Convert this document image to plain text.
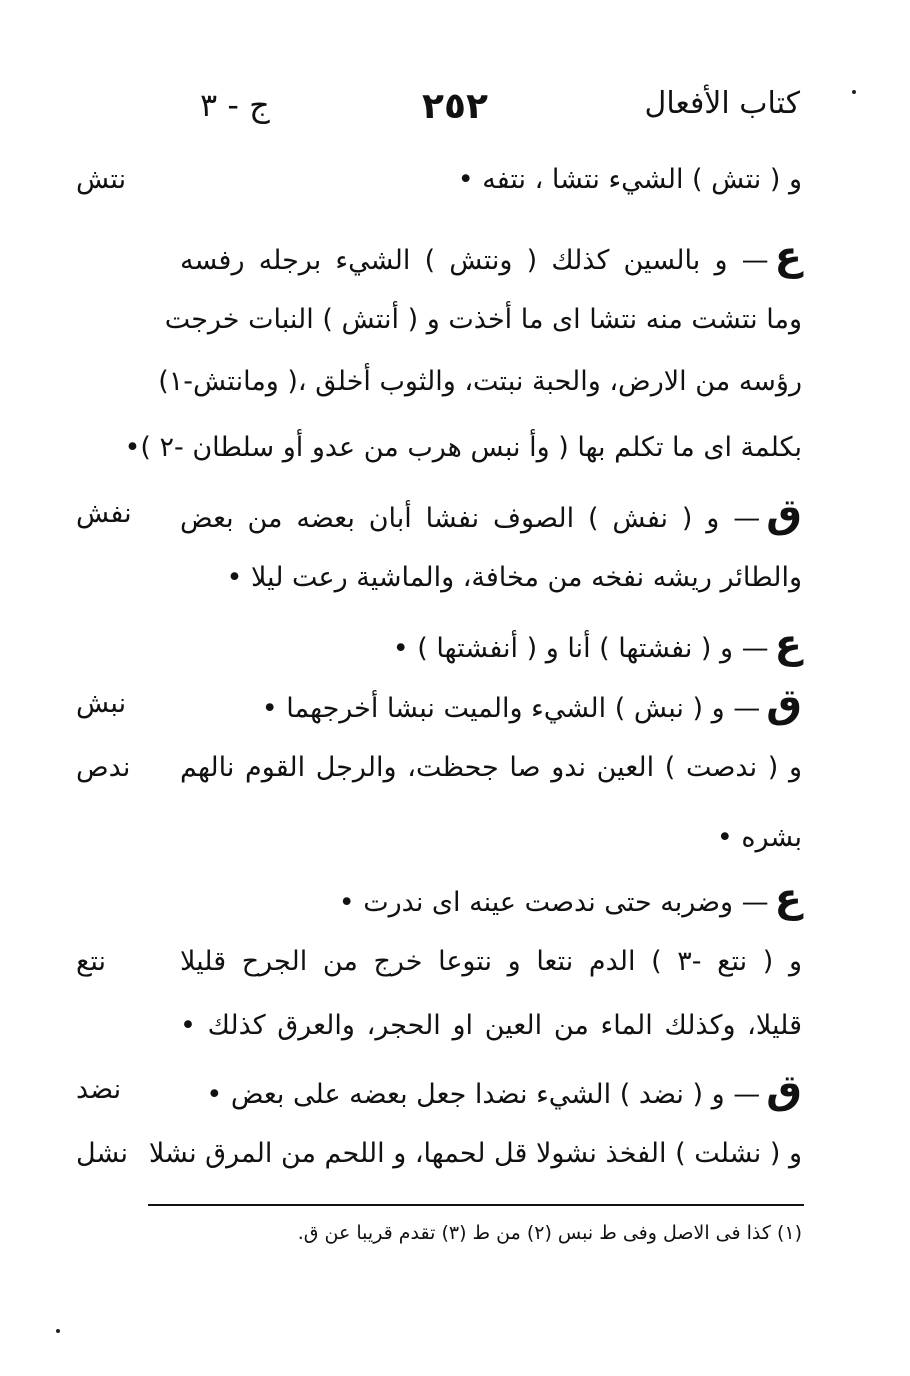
كتاب الأفعال
٢٥٢
ج - ٣
و ( نتش ) الشيء نتشا ، نتفه •
نتش
ع— و بالسين كذلك ( ونتش ) الشيء برجله رفسه
وما نتشت منه نتشا اى ما أخذت و ( أنتش ) النبات خرجت
رؤسه من الارض، والحبة نبتت، والثوب أخلق ،( ومانتش-١)
بكلمة اى ما تكلم بها ( وأ نبس هرب من عدو أو سلطان -٢ )•
ق— و ( نفش ) الصوف نفشا أبان بعضه من بعض
نفش
والطائر ريشه نفخه من مخافة، والماشية رعت ليلا •
ع— و ( نفشتها ) أنا و ( أنفشتها ) •
ق— و ( نبش ) الشيء والميت نبشا أخرجهما •
نبش
و ( ندصت ) العين ندو صا جحظت، والرجل القوم نالهم
ندص
بشره •
ع— وضربه حتى ندصت عينه اى ندرت •
و ( نتع -٣ ) الدم نتعا و نتوعا خرج من الجرح قليلا
نتع
قليلا، وكذلك الماء من العين او الحجر، والعرق كذلك •
ق— و ( نضد ) الشيء نضدا جعل بعضه على بعض •
نضد
و ( نشلت ) الفخذ نشولا قل لحمها، و اللحم من المرق نشلا
نشل
(١) كذا فى الاصل وفى ط نبس (٢) من ط (٣) تقدم قريبا عن ق.
